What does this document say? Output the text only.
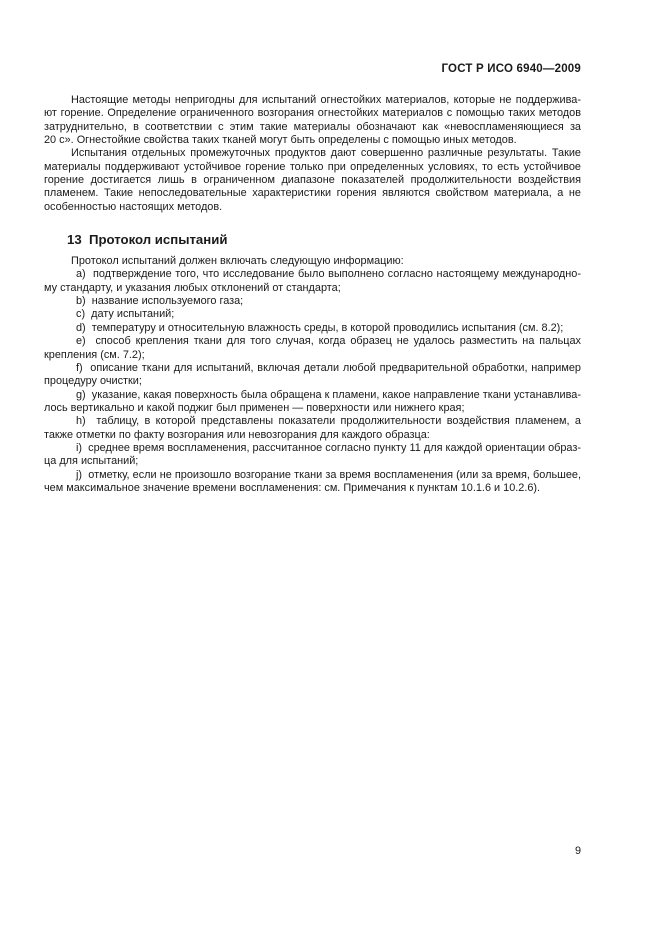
ГОСТ Р ИСО 6940—2009
Настоящие методы непригодны для испытаний огнестойких материалов, которые не поддержива-
ют горение. Определение ограниченного возгорания огнестойких материалов с помощью таких методов
затруднительно, в соответствии с этим такие материалы обозначают как «невоспламеняющиеся за
20 с». Огнестойкие свойства таких тканей могут быть определены с помощью иных методов.
Испытания отдельных промежуточных продуктов дают совершенно различные результаты. Такие
материалы поддерживают устойчивое горение только при определенных условиях, то есть устойчивое
горение достигается лишь в ограниченном диапазоне показателей продолжительности воздействия
пламенем. Такие непоследовательные характеристики горения являются свойством материала, а не
особенностью настоящих методов.
13  Протокол испытаний
Протокол испытаний должен включать следующую информацию:
a)  подтверждение того, что исследование было выполнено согласно настоящему международно-
му стандарту, и указания любых отклонений от стандарта;
b)  название используемого газа;
c)  дату испытаний;
d)  температуру и относительную влажность среды, в которой проводились испытания (см. 8.2);
e)  способ крепления ткани для того случая, когда образец не удалось разместить на пальцах
крепления (см. 7.2);
f)  описание ткани для испытаний, включая детали любой предварительной обработки, например
процедуру очистки;
g)  указание, какая поверхность была обращена к пламени, какое направление ткани устанавлива-
лось вертикально и какой поджиг был применен — поверхности или нижнего края;
h)  таблицу, в которой представлены показатели продолжительности воздействия пламенем, а
также отметки по факту возгорания или невозгорания для каждого образца:
i)  среднее время воспламенения, рассчитанное согласно пункту 11 для каждой ориентации образ-
ца для испытаний;
j)  отметку, если не произошло возгорание ткани за время воспламенения (или за время, большее,
чем максимальное значение времени воспламенения: см. Примечания к пунктам 10.1.6 и 10.2.6).
9
